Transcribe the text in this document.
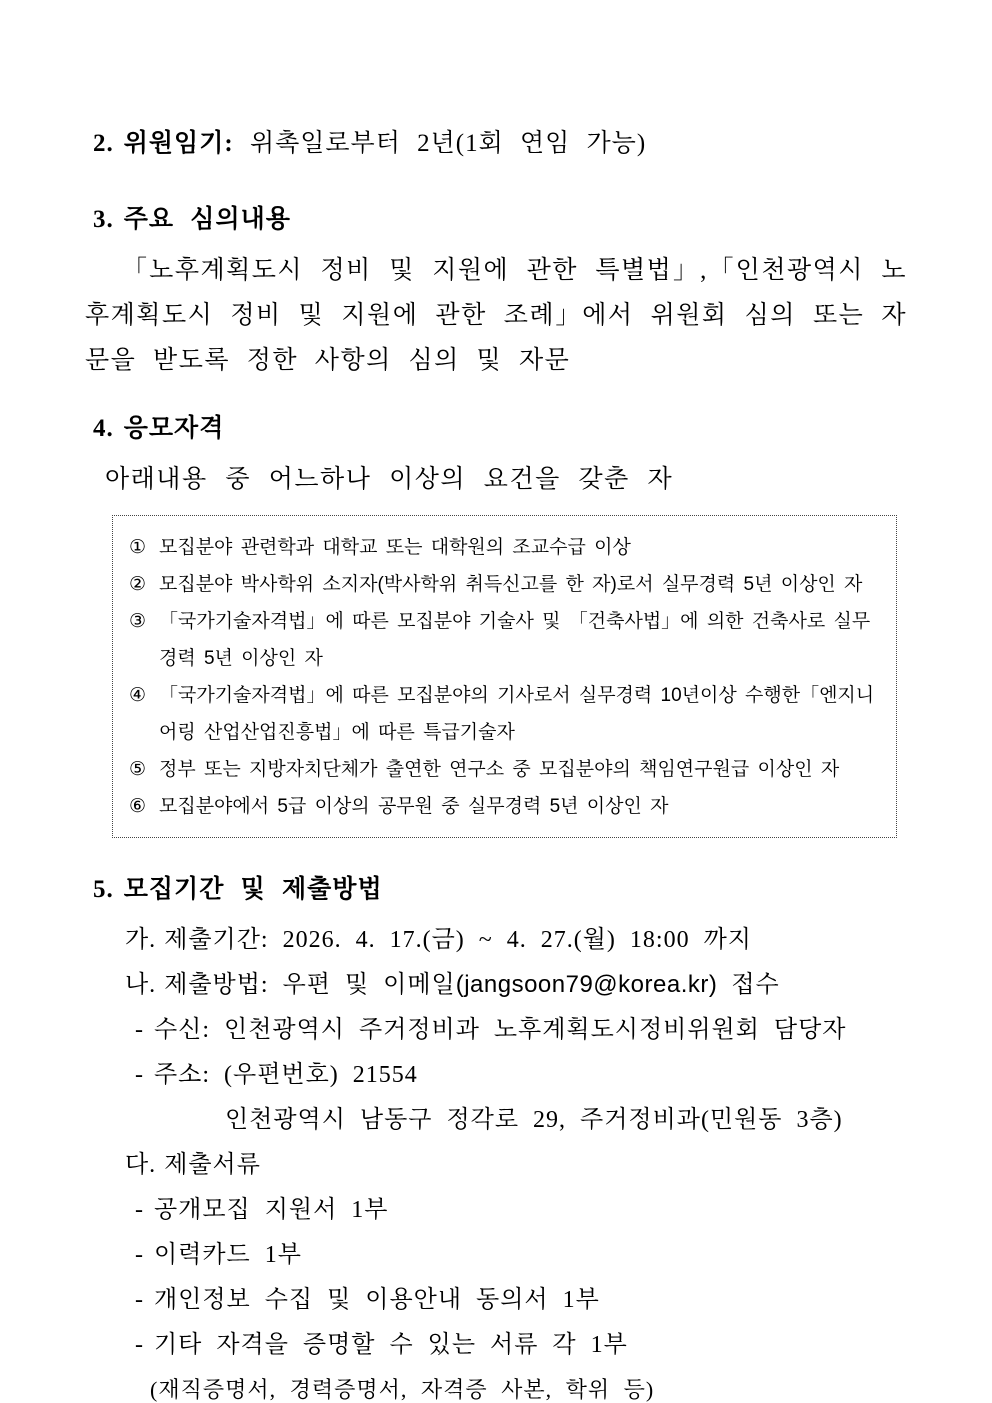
2. 위원임기: 위촉일로부터 2년(1회 연임 가능)
3. 주요 심의내용
「노후계획도시 정비 및 지원에 관한 특별법」,「인천광역시 노후계획도시 정비 및 지원에 관한 조례」에서 위원회 심의 또는 자문을 받도록 정한 사항의 심의 및 자문
4. 응모자격
아래내용 중 어느하나 이상의 요건을 갖춘 자
① 모집분야 관련학과 대학교 또는 대학원의 조교수급 이상
② 모집분야 박사학위 소지자(박사학위 취득신고를 한 자)로서 실무경력 5년 이상인 자
③ 「국가기술자격법」에 따른 모집분야 기술사 및 「건축사법」에 의한 건축사로 실무경력 5년 이상인 자
④ 「국가기술자격법」에 따른 모집분야의 기사로서 실무경력 10년이상 수행한「엔지니어링 산업산업진흥법」에 따른 특급기술자
⑤ 정부 또는 지방자치단체가 출연한 연구소 중 모집분야의 책임연구원급 이상인 자
⑥ 모집분야에서 5급 이상의 공무원 중 실무경력 5년 이상인 자
5. 모집기간 및 제출방법
가. 제출기간: 2026. 4. 17.(금) ~ 4. 27.(월) 18:00 까지
나. 제출방법: 우편 및 이메일(jangsoon79@korea.kr) 접수
- 수신: 인천광역시 주거정비과 노후계획도시정비위원회 담당자
- 주소: (우편번호) 21554
인천광역시 남동구 정각로 29, 주거정비과(민원동 3층)
다. 제출서류
- 공개모집 지원서 1부
- 이력카드 1부
- 개인정보 수집 및 이용안내 동의서 1부
- 기타 자격을 증명할 수 있는 서류 각 1부
(재직증명서, 경력증명서, 자격증 사본, 학위 등)
